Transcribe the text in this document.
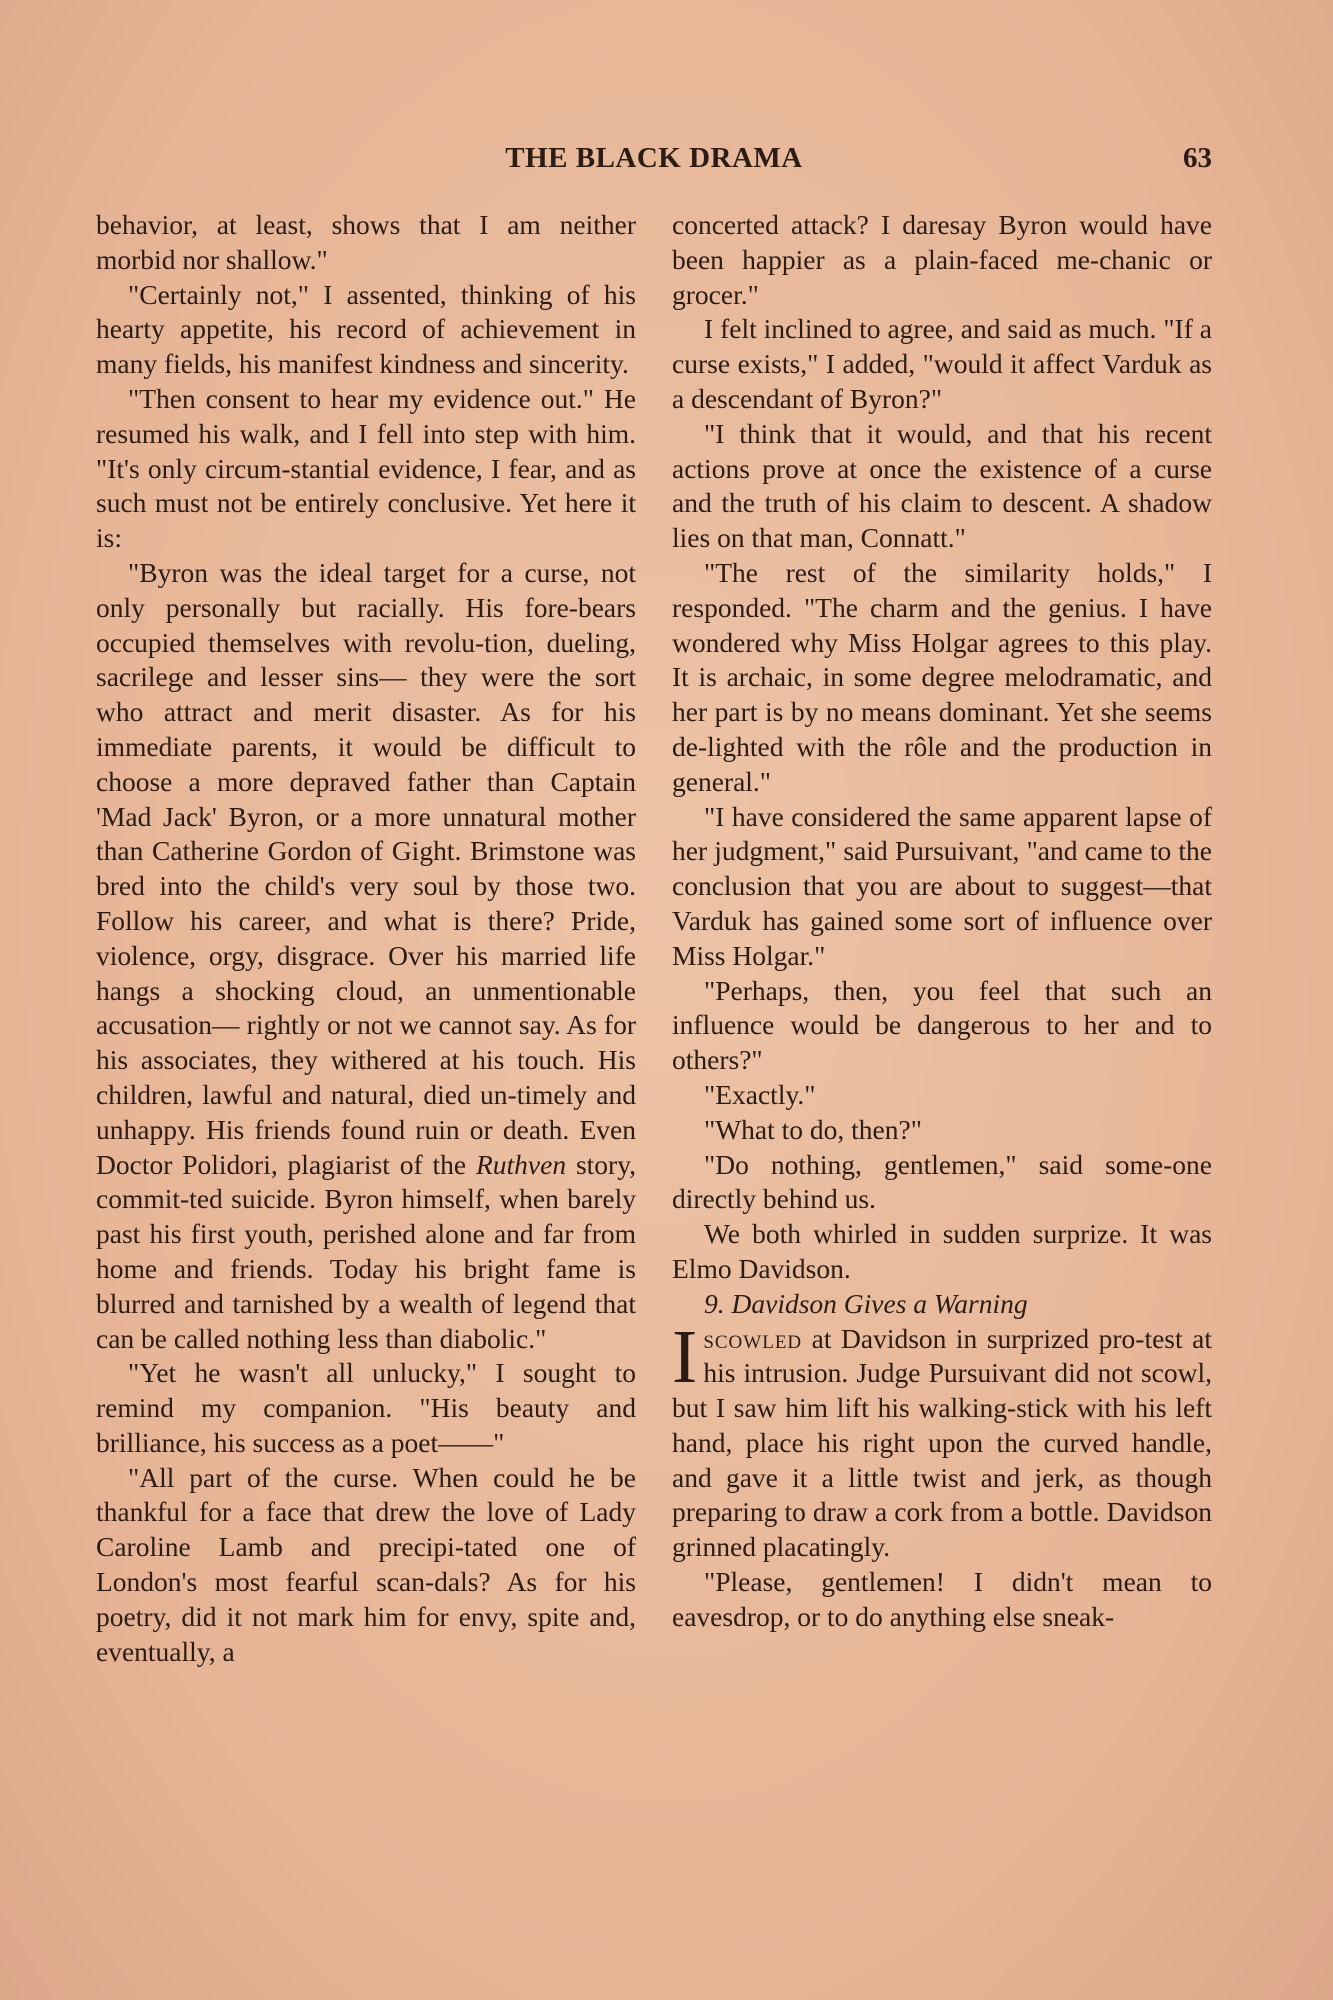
THE BLACK DRAMA	63

behavior, at least, shows that I am neither morbid nor shallow."

"Certainly not," I assented, thinking of his hearty appetite, his record of achievement in many fields, his manifest kindness and sincerity.

"Then consent to hear my evidence out." He resumed his walk, and I fell into step with him. "It's only circum-stantial evidence, I fear, and as such must not be entirely conclusive. Yet here it is:

"Byron was the ideal target for a curse, not only personally but racially. His fore-bears occupied themselves with revolu-tion, dueling, sacrilege and lesser sins— they were the sort who attract and merit disaster. As for his immediate parents, it would be difficult to choose a more depraved father than Captain 'Mad Jack' Byron, or a more unnatural mother than Catherine Gordon of Gight. Brimstone was bred into the child's very soul by those two. Follow his career, and what is there? Pride, violence, orgy, disgrace. Over his married life hangs a shocking cloud, an unmentionable accusation— rightly or not we cannot say. As for his associates, they withered at his touch. His children, lawful and natural, died un-timely and unhappy. His friends found ruin or death. Even Doctor Polidori, plagiarist of the Ruthven story, commit-ted suicide. Byron himself, when barely past his first youth, perished alone and far from home and friends. Today his bright fame is blurred and tarnished by a wealth of legend that can be called nothing less than diabolic."

"Yet he wasn't all unlucky," I sought to remind my companion. "His beauty and brilliance, his success as a poet——"

"All part of the curse. When could he be thankful for a face that drew the love of Lady Caroline Lamb and precipi-tated one of London's most fearful scan-dals? As for his poetry, did it not mark him for envy, spite and, eventually, a

concerted attack? I daresay Byron would have been happier as a plain-faced me-chanic or grocer."

I felt inclined to agree, and said as much. "If a curse exists," I added, "would it affect Varduk as a descendant of Byron?"

"I think that it would, and that his recent actions prove at once the existence of a curse and the truth of his claim to descent. A shadow lies on that man, Connatt."

"The rest of the similarity holds," I responded. "The charm and the genius. I have wondered why Miss Holgar agrees to this play. It is archaic, in some degree melodramatic, and her part is by no means dominant. Yet she seems de-lighted with the rôle and the production in general."

"I have considered the same apparent lapse of her judgment," said Pursuivant, "and came to the conclusion that you are about to suggest—that Varduk has gained some sort of influence over Miss Holgar."

"Perhaps, then, you feel that such an influence would be dangerous to her and to others?"

"Exactly."

"What to do, then?"

"Do nothing, gentlemen," said some-one directly behind us.

We both whirled in sudden surprize. It was Elmo Davidson.

9. Davidson Gives a Warning

Iscowled at Davidson in surprized pro-test at his intrusion. Judge Pursuivant did not scowl, but I saw him lift his walking-stick with his left hand, place his right upon the curved handle, and gave it a little twist and jerk, as though preparing to draw a cork from a bottle. Davidson grinned placatingly.

"Please, gentlemen! I didn't mean to eavesdrop, or to do anything else sneak-
